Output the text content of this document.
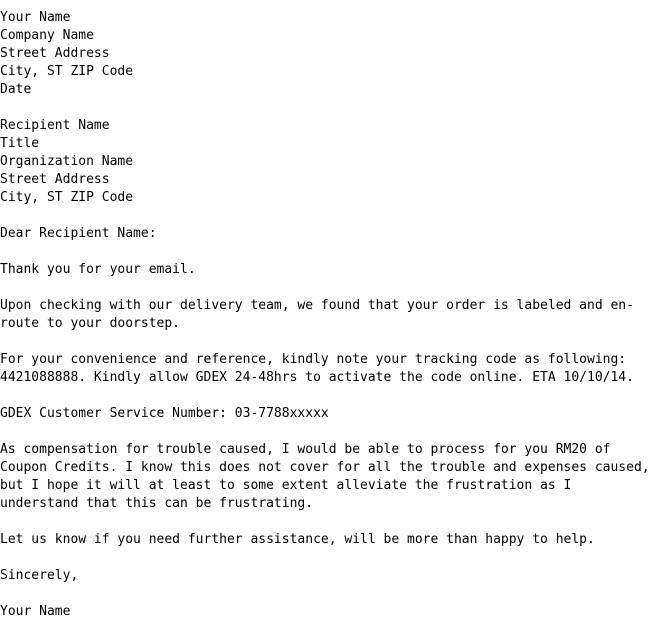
Your Name
Company Name
Street Address
City, ST ZIP Code
Date
Recipient Name
Title
Organization Name
Street Address
City, ST ZIP Code
Dear Recipient Name:
Thank you for your email.
Upon checking with our delivery team, we found that your order is labeled and en-
route to your doorstep.
For your convenience and reference, kindly note your tracking code as following:
4421088888. Kindly allow GDEX 24-48hrs to activate the code online. ETA 10/10/14.
GDEX Customer Service Number: 03-7788xxxxx
As compensation for trouble caused, I would be able to process for you RM20 of
Coupon Credits. I know this does not cover for all the trouble and expenses caused,
but I hope it will at least to some extent alleviate the frustration as I
understand that this can be frustrating.
Let us know if you need further assistance, will be more than happy to help.
Sincerely,
Your Name
